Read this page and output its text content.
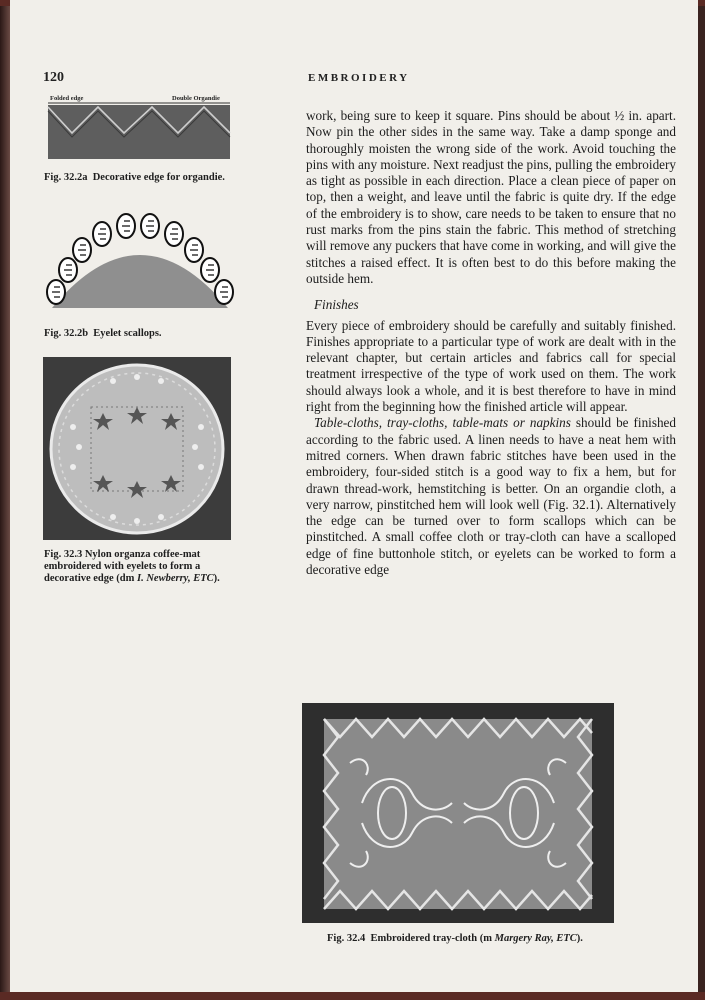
120	EMBROIDERY
Folded edge	Double Organdie
Fig. 32.2a Decorative edge for organdie.
Fig. 32.2b Eyelet scallops.
Fig. 32.3 Nylon organza coffee-mat embroidered with eyelets to form a decorative edge (dm I. Newberry, ETC).

work, being sure to keep it square. Pins should be about ½ in. apart. Now pin the other sides in the same way. Take a damp sponge and thoroughly moisten the wrong side of the work. Avoid touching the pins with any moisture. Next readjust the pins, pulling the embroidery as tight as possible in each direction. Place a clean piece of paper on top, then a weight, and leave until the fabric is quite dry. If the edge of the embroidery is to show, care needs to be taken to ensure that no rust marks from the pins stain the fabric. This method of stretching will remove any puckers that have come in working, and will give the stitches a raised effect. It is often best to do this before making the outside hem.

Finishes

Every piece of embroidery should be carefully and suitably finished. Finishes appropriate to a particular type of work are dealt with in the relevant chapter, but certain articles and fabrics call for special treatment irrespective of the type of work used on them. The work should always look a whole, and it is best therefore to have in mind right from the beginning how the finished article will appear.

Table-cloths, tray-cloths, table-mats or napkins should be finished according to the fabric used. A linen needs to have a neat hem with mitred corners. When drawn fabric stitches have been used in the embroidery, four-sided stitch is a good way to fix a hem, but for drawn thread-work, hemstitching is better. On an organdie cloth, a very narrow, pinstitched hem will look well (Fig. 32.1). Alternatively the edge can be turned over to form scallops which can be pinstitched. A small coffee cloth or tray-cloth can have a scalloped edge of fine buttonhole stitch, or eyelets can be worked to form a decorative edge

Fig. 32.4 Embroidered tray-cloth (m Margery Ray, ETC).
